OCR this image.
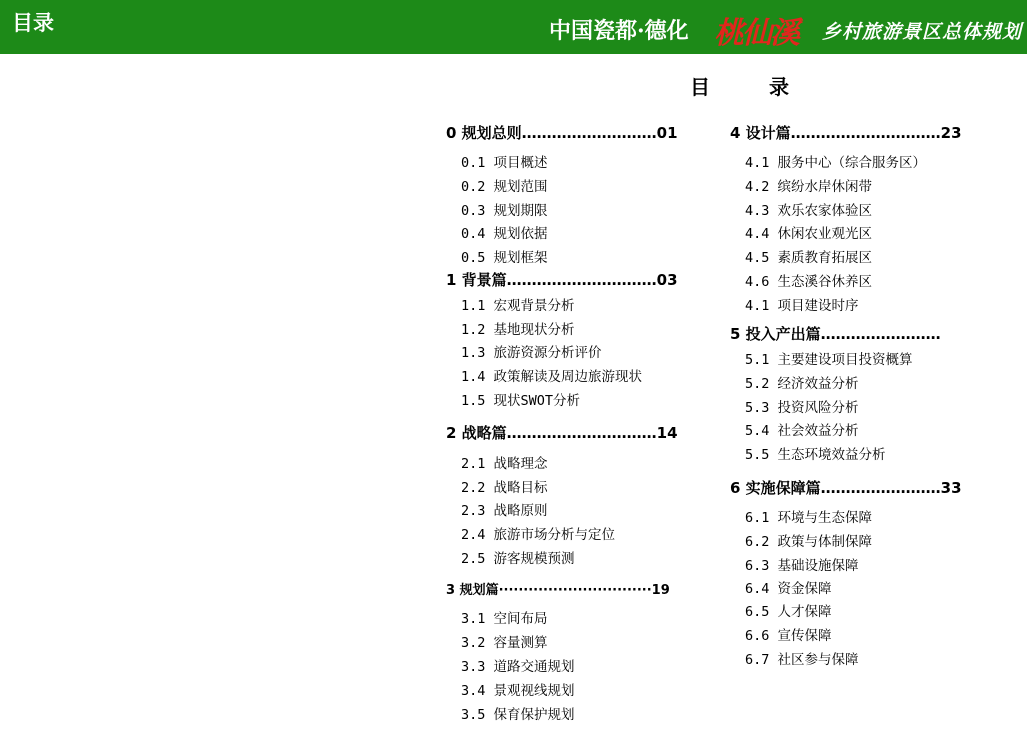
目录	中国瓷都·德化 桃仙溪 乡村旅游景区总体规划
目 录
0 规划总则………………………01
0.1 项目概述
0.2 规划范围
0.3 规划期限
0.4 规划依据
0.5 规划框架
1 背景篇…………………………03
1.1 宏观背景分析
1.2 基地现状分析
1.3 旅游资源分析评价
1.4 政策解读及周边旅游现状
1.5 现状SWOT分析
2 战略篇…………………………14
2.1 战略理念
2.2 战略目标
2.3 战略原则
2.4 旅游市场分析与定位
2.5 游客规模预测
3 规划篇·······························19
3.1 空间布局
3.2 容量测算
3.3 道路交通规划
3.4 景观视线规划
3.5 保育保护规划
4 设计篇…………………………23
4.1 服务中心（综合服务区）
4.2 缤纷水岸休闲带
4.3 欢乐农家体验区
4.4 休闲农业观光区
4.5 素质教育拓展区
4.6 生态溪谷休养区
4.1 项目建设时序
5 投入产出篇……………………
5.1 主要建设项目投资概算
5.2 经济效益分析
5.3 投资风险分析
5.4 社会效益分析
5.5 生态环境效益分析
6 实施保障篇……………………33
6.1 环境与生态保障
6.2 政策与体制保障
6.3 基础设施保障
6.4 资金保障
6.5 人才保障
6.6 宣传保障
6.7 社区参与保障
